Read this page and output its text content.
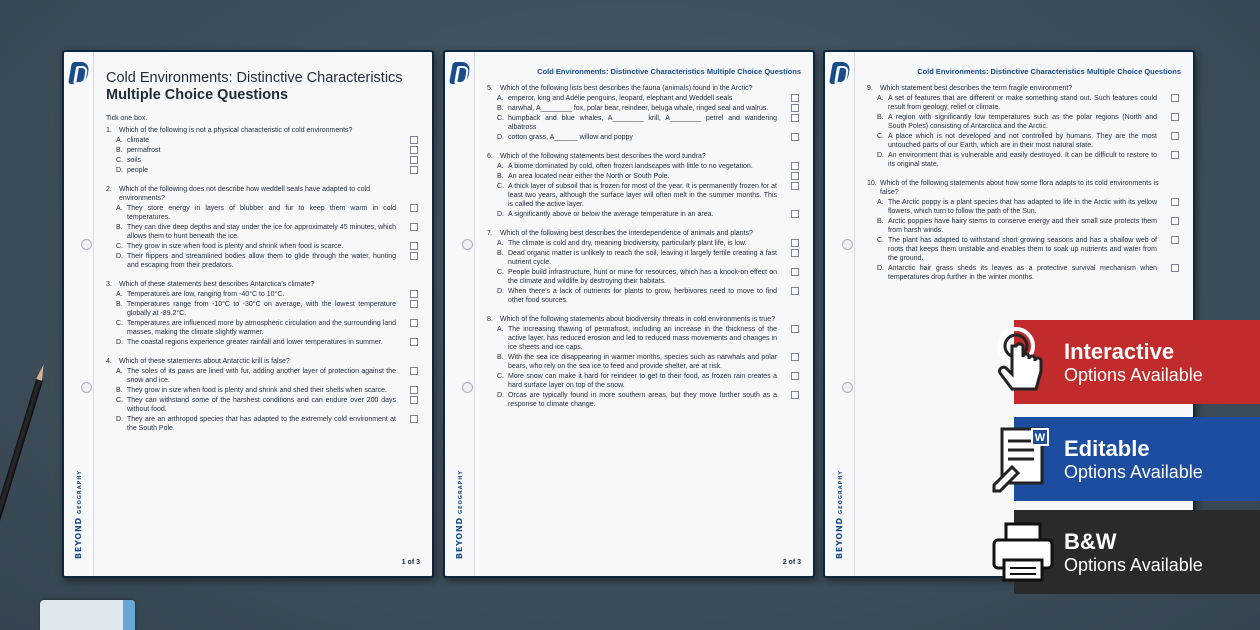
BEYONDGEOGRAPHY
Cold Environments: Distinctive Characteristics
Multiple Choice Questions
Tick one box.
1.	Which of the following is not a physical characteristic of cold environments?
A. climate
B. permafrost
C. soils
D. people
2.	Which of the following does not describe how weddell seals have adapted to cold environments?
A. They store energy in layers of blubber and fur to keep them warm in cold temperatures.
B. They can dive deep depths and stay under the ice for approximately 45 minutes, which allows them to hunt beneath the ice.
C. They grow in size when food is plenty and shrink when food is scarce.
D. Their flippers and streamlined bodies allow them to glide through the water, hunting and escaping from their predators.
3.	Which of these statements best describes Antarctica’s climate?
A. Temperatures are low, ranging from -40°C to 10°C.
B. Temperatures range from -10°C to -30°C on average, with the lowest temperature globally at -89.2°C.
C. Temperatures are influenced more by atmospheric circulation and the surrounding land masses, making the climate slightly warmer.
D. The coastal regions experience greater rainfall and lower temperatures in summer.
4.	Which of these statements about Antarctic krill is false?
A. The soles of its paws are lined with fur, adding another layer of protection against the snow and ice.
B. They grow in size when food is plenty and shrink and shed their shells when scarce.
C. They can withstand some of the harshest conditions and can endure over 200 days without food.
D. They are an arthropod species that has adapted to the extremely cold environment at the South Pole.
1 of 3
BEYONDGEOGRAPHY
Cold Environments: Distinctive Characteristics Multiple Choice Questions
5.	Which of the following lists best describes the fauna (animals) found in the Arctic?
A. emperor, king and Adélie penguins, leopard, elephant and Weddell seals
B. narwhal, A________ fox, polar bear, reindeer, beluga whale, ringed seal and walrus.
C. humpback and blue whales, A________ krill, A________ petrel and wandering albatross
D. cotton grass, A______ willow and poppy
6.	Which of the following statements best describes the word tundra?
A. A biome dominated by cold, often frozen landscapes with little to no vegetation.
B. An area located near either the North or South Pole.
C. A thick layer of subsoil that is frozen for most of the year. It is permanently frozen for at least two years, although the surface layer will often melt in the summer months. This is called the active layer.
D. A significantly above or below the average temperature in an area.
7.	Which of the following best describes the interdependence of animals and plants?
A. The climate is cold and dry, meaning biodiversity, particularly plant life, is low.
B. Dead organic matter is unlikely to reach the soil, leaving it largely fertile creating a fast nutrient cycle.
C. People build infrastructure, hunt or mine for resources, which has a knock-on effect on the climate and wildlife by destroying their habitats.
D. When there’s a lack of nutrients for plants to grow, herbivores need to move to find other food sources.
8.	Which of the following statements about biodiversity threats in cold environments is true?
A. The increasing thawing of permafrost, including an increase in the thickness of the active layer, has reduced erosion and led to reduced mass movements and changes in ice sheets and ice caps.
B. With the sea ice disappearing in warmer months, species such as narwhals and polar bears, who rely on the sea ice to feed and provide shelter, are at risk.
C. More snow can make it hard for reindeer to get to their food, as frozen rain creates a hard surface layer on top of the snow.
D. Orcas are typically found in more southern areas, but they move further south as a response to climate change.
2 of 3
BEYONDGEOGRAPHY
Cold Environments: Distinctive Characteristics Multiple Choice Questions
9.	Which statement best describes the term fragile environment?
A. A set of features that are different or make something stand out. Such features could result from geology, relief or climate.
B. A region with significantly low temperatures such as the polar regions (North and South Poles) consisting of Antarctica and the Arctic.
C. A place which is not developed and not controlled by humans. They are the most untouched parts of our Earth, which are in their most natural state.
D. An environment that is vulnerable and easily destroyed. It can be difficult to restore to its original state.
10. Which of the following statements about how some flora adapts to its cold environments is false?
A. The Arctic poppy is a plant species that has adapted to life in the Arctic with its yellow flowers, which turn to follow the path of the Sun.
B. Arctic poppies have hairy stems to conserve energy and their small size protects them from harsh winds.
C. The plant has adapted to withstand short growing seasons and has a shallow web of roots that keeps them unstable and enables them to soak up nutrients and water from the ground.
D. Antarctic hair grass sheds its leaves as a protective survival mechanism when temperatures drop further in the winter months.
Interactive
Options Available
W Editable
Options Available
B&W
Options Available
